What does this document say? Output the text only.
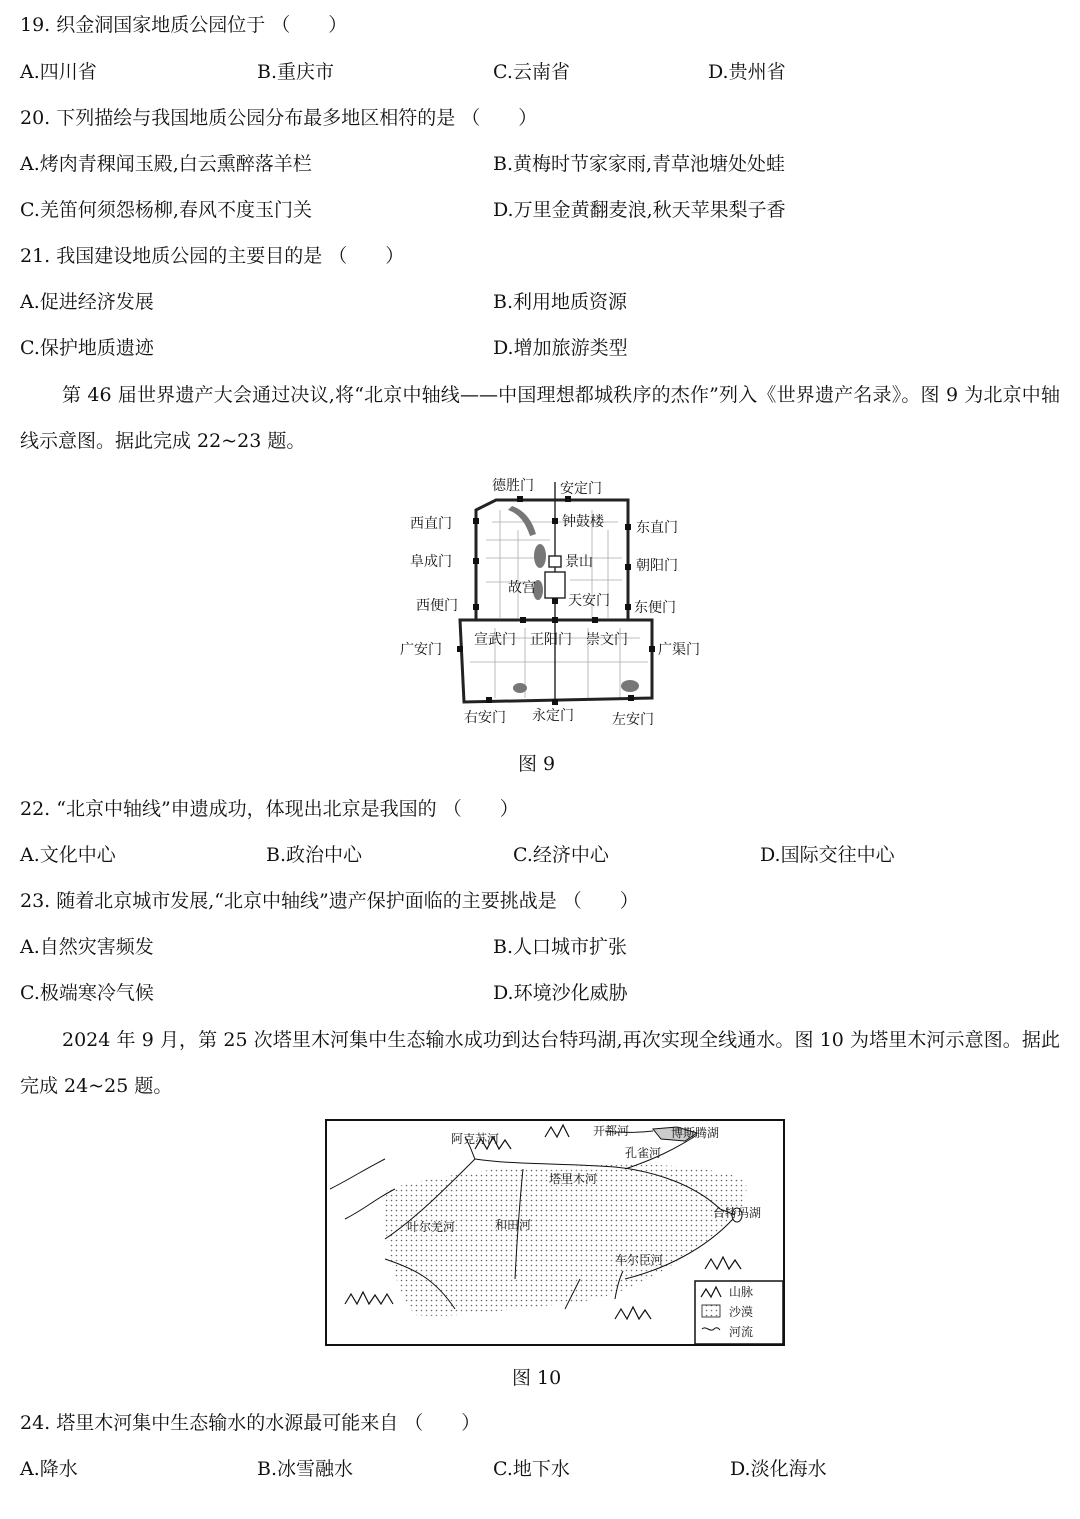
19. 织金洞国家地质公园位于 （　　）
A.四川省	B.重庆市	C.云南省	D.贵州省
20. 下列描绘与我国地质公园分布最多地区相符的是 （　　）
A.烤肉青稞闻玉殿,白云熏醉落羊栏	B.黄梅时节家家雨,青草池塘处处蛙
C.羌笛何须怨杨柳,春风不度玉门关	D.万里金黄翻麦浪,秋天苹果梨子香
21. 我国建设地质公园的主要目的是 （　　）
A.促进经济发展	B.利用地质资源
C.保护地质遗迹	D.增加旅游类型
第 46 届世界遗产大会通过决议,将“北京中轴线——中国理想都城秩序的杰作”列入《世界遗产名录》。图 9 为北京中轴线示意图。据此完成 22~23 题。
德胜门 安定门
西直门	钟鼓楼 东直门
阜成门	景山	朝阳门
故宫
西便门	天安门 东便门
广安门
宣武门 正阳门 崇文门
广渠门
右安门 永定门	左安门
图 9
22. “北京中轴线”申遗成功，体现出北京是我国的 （　　）
A.文化中心	B.政治中心	C.经济中心	D.国际交往中心
23. 随着北京城市发展,“北京中轴线”遗产保护面临的主要挑战是 （　　）
A.自然灾害频发	B.人口城市扩张
C.极端寒冷气候	D.环境沙化威胁
2024 年 9 月，第 25 次塔里木河集中生态输水成功到达台特玛湖,再次实现全线通水。图 10 为塔里木河示意图。据此完成 24~25 题。
开都河	博斯腾湖
阿克苏河
孔雀河
塔里木河
台特玛湖
叶尔羌河	和田河
车尔臣河
山脉
沙漠
河流
图 10
24. 塔里木河集中生态输水的水源最可能来自 （　　）
A.降水	B.冰雪融水	C.地下水	D.淡化海水
